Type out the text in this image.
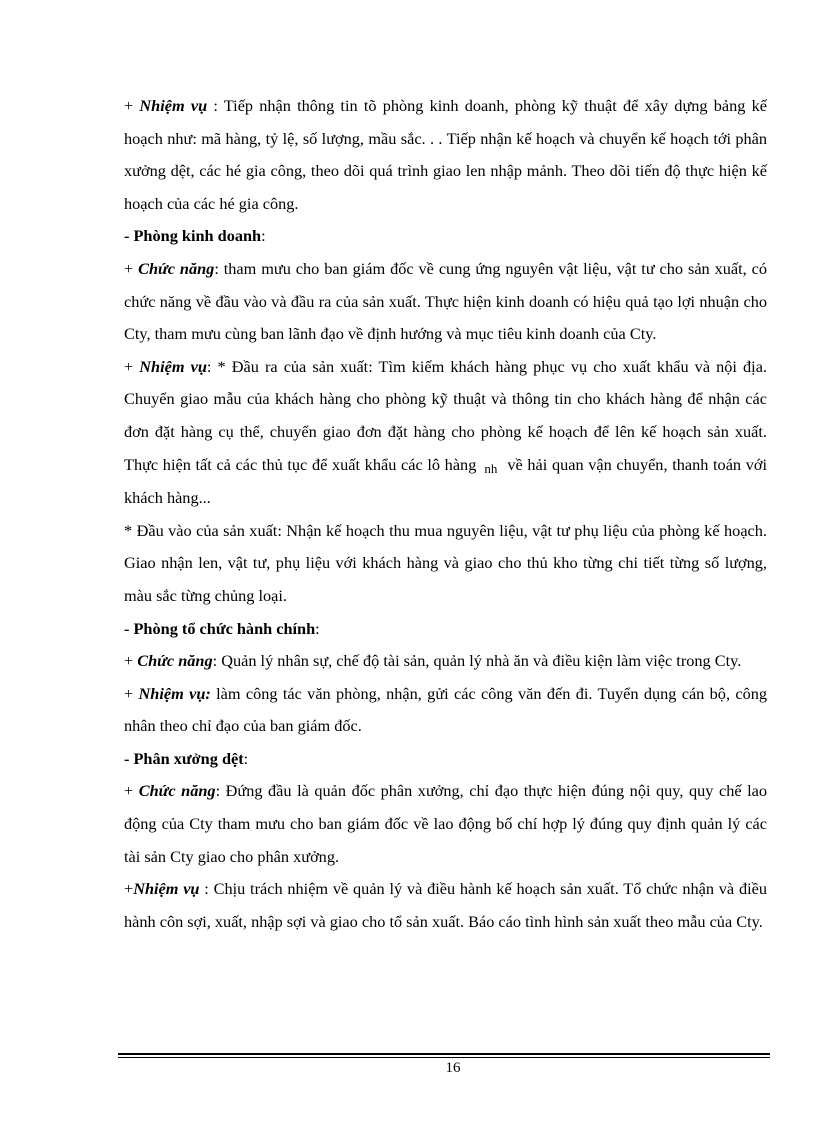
+ Nhiệm vụ : Tiếp nhận thông tin tõ phòng kinh doanh, phòng kỹ thuật để xây dựng bảng kế hoạch như: mã hàng, tỷ lệ, số lượng, mầu sắc. . . Tiếp nhận kế hoạch và chuyển kế hoạch tới phân xưởng dệt, các hé gia công, theo dõi quá trình giao len nhập mảnh. Theo dõi tiến độ thực hiện kế hoạch của các hé gia công.

- Phòng kinh doanh:

+ Chức năng: tham mưu cho ban giám đốc về cung ứng nguyên vật liệu, vật tư cho sản xuất, có chức năng về đầu vào và đầu ra của sản xuất. Thực hiện kinh doanh có hiệu quả tạo lợi nhuận cho Cty, tham mưu cùng ban lãnh đạo về định hướng và mục tiêu kinh doanh của Cty.

+ Nhiệm vụ: * Đầu ra của sản xuất: Tìm kiếm khách hàng phục vụ cho xuất khẩu và nội địa. Chuyển giao mẫu của khách hàng cho phòng kỹ thuật và thông tin cho khách hàng để nhận các đơn đặt hàng cụ thể, chuyển giao đơn đặt hàng cho phòng kế hoạch để lên kế hoạch sản xuất. Thực hiện tất cả các thủ tục để xuất khẩu các lô hàng nh về hải quan vận chuyển, thanh toán với khách hàng...

* Đầu vào của sản xuất: Nhận kế hoạch thu mua nguyên liệu, vật tư phụ liệu của phòng kế hoạch. Giao nhận len, vật tư, phụ liệu với khách hàng và giao cho thủ kho từng chi tiết từng số lượng, màu sắc từng chủng loại.

- Phòng tổ chức hành chính:

+ Chức năng: Quản lý nhân sự, chế độ tài sản, quản lý nhà ăn và điều kiện làm việc trong Cty.

+ Nhiệm vụ: làm công tác văn phòng, nhận, gửi các công văn đến đi. Tuyển dụng cán bộ, công nhân theo chỉ đạo của ban giám đốc.

- Phân xưởng dệt:

+ Chức năng: Đứng đầu là quản đốc phân xưởng, chỉ đạo thực hiện đúng nội quy, quy chế lao động của Cty tham mưu cho ban giám đốc về lao động bố chí hợp lý đúng quy định quản lý các tài sản Cty giao cho phân xưởng.

+Nhiệm vụ : Chịu trách nhiệm về quản lý và điều hành kế hoạch sản xuất. Tổ chức nhận và điều hành côn sợi, xuất, nhập sợi và giao cho tổ sản xuất. Báo cáo tình hình sản xuất theo mẫu của Cty.

16
